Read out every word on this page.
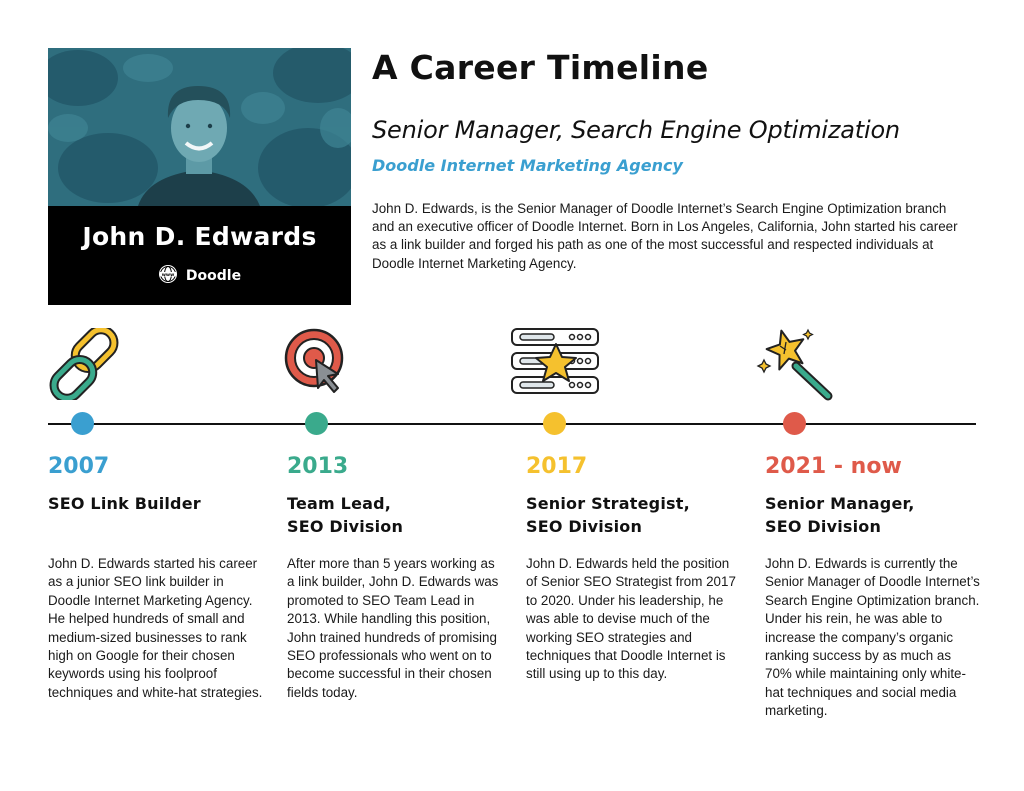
John D. Edwards
www Doodle
A Career Timeline
Senior Manager, Search Engine Optimization
Doodle Internet Marketing Agency
John D. Edwards, is the Senior Manager of Doodle Internet’s Search Engine Optimization branch and an executive officer of Doodle Internet. Born in Los Angeles, California, John started his career as a link builder and forged his path as one of the most successful and respected individuals at Doodle Internet Marketing Agency.
2007
SEO Link Builder
John D. Edwards started his career as a junior SEO link builder in Doodle Internet Marketing Agency. He helped hundreds of small and medium-sized businesses to rank high on Google for their chosen keywords using his foolproof techniques and white-hat strategies.
2013
Team Lead,
SEO Division
After more than 5 years working as a link builder, John D. Edwards was promoted to SEO Team Lead in 2013. While handling this position, John trained hundreds of promising SEO professionals who went on to become successful in their chosen fields today.
2017
Senior Strategist,
SEO Division
John D. Edwards held the position of Senior SEO Strategist from 2017 to 2020. Under his leadership, he was able to devise much of the working SEO strategies and techniques that Doodle Internet is still using up to this day.
2021 - now
Senior Manager,
SEO Division
John D. Edwards is currently the Senior Manager of Doodle Internet’s Search Engine Optimization branch. Under his rein, he was able to increase the company’s organic ranking success by as much as 70% while maintaining only white-hat techniques and social media marketing.
